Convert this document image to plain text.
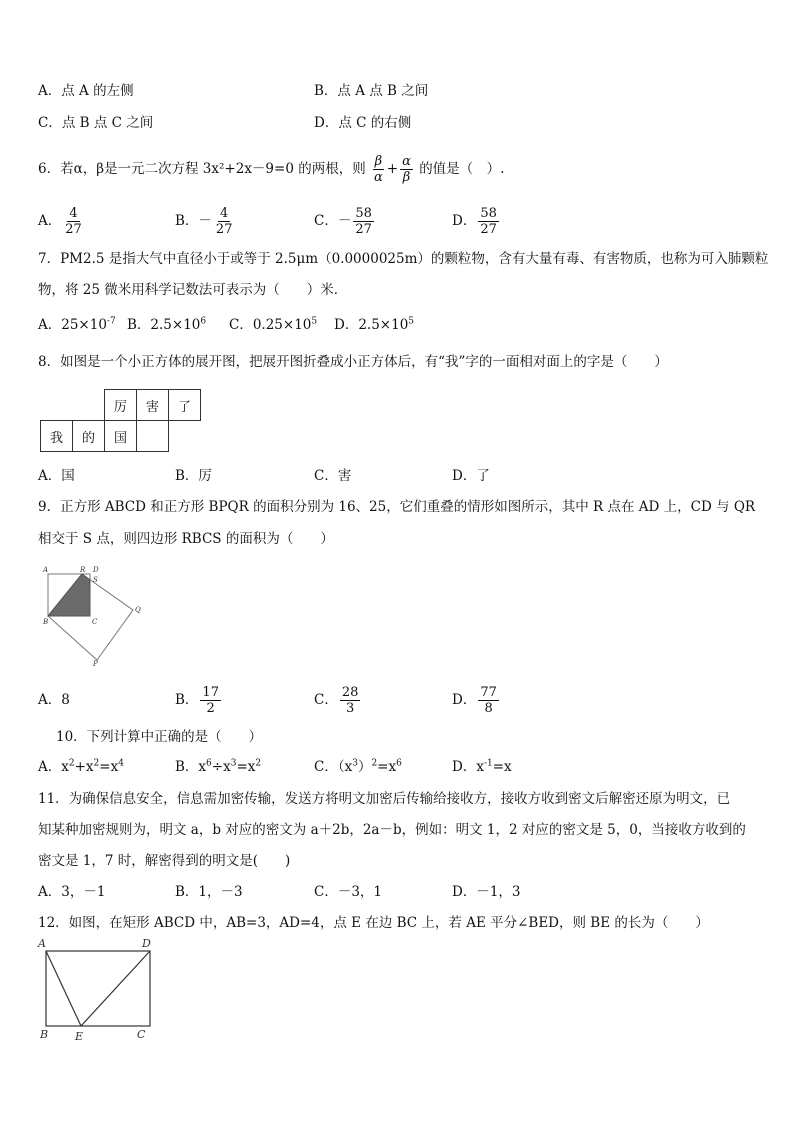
A．点 A 的左侧	B．点 A 点 B 之间
C．点 B 点 C 之间	D．点 C 的右侧
6．若α，β是一元二次方程 3x²+2x－9=0 的两根，则 $\frac{\beta}{\alpha} + \frac{\alpha}{\beta}$ 的值是（　）.
A． $\frac{4}{27}$	B．－ $\frac{4}{27}$	C．－ $\frac{58}{27}$	D． $\frac{58}{27}$
7．PM2.5 是指大气中直径小于或等于 2.5μm（0.0000025m）的颗粒物，含有大量有毒、有害物质，也称为可入肺颗粒
物，将 25 微米用科学记数法可表示为（　　）米．
A．$25\times 10^{-7}$ B．$2.5\times 10^6$ C．$0.25\times 10^5$ D．$2.5\times 10^5$
8．如图是一个小正方体的展开图，把展开图折叠成小正方体后，有“我”字的一面相对面上的字是（　　）
		厉	害	了
我	的	国		
A．国	B．厉	C．害	D．了
9．正方形 ABCD 和正方形 BPQR 的面积分别为 16、25，它们重叠的情形如图所示，其中 R 点在 AD 上，CD 与 QR
相交于 S 点，则四边形 RBCS 的面积为（　　）
A	R D
S
Q
B	C
P
A．8	B． $\frac{17}{2}$	C． $\frac{28}{3}$	D． $\frac{77}{8}$
10．下列计算中正确的是（　　）
A．$x^2+x^2=x^4$	B．$x^6\div x^3=x^2$	C．$(x^3)^2=x^6$	D．$x^{-1}=x$
11．为确保信息安全，信息需加密传输，发送方将明文加密后传输给接收方，接收方收到密文后解密还原为明文，已
知某种加密规则为，明文 a，b 对应的密文为 a＋2b，2a－b，例如：明文 1，2 对应的密文是 5，0，当接收方收到的
密文是 1，7 时，解密得到的明文是(　　)
A．3，－1	B．1，－3	C．－3，1	D．－1，3
12．如图，在矩形 ABCD 中，AB=3，AD=4，点 E 在边 BC 上，若 AE 平分∠BED，则 BE 的长为（　　）
A	D
B E	C
